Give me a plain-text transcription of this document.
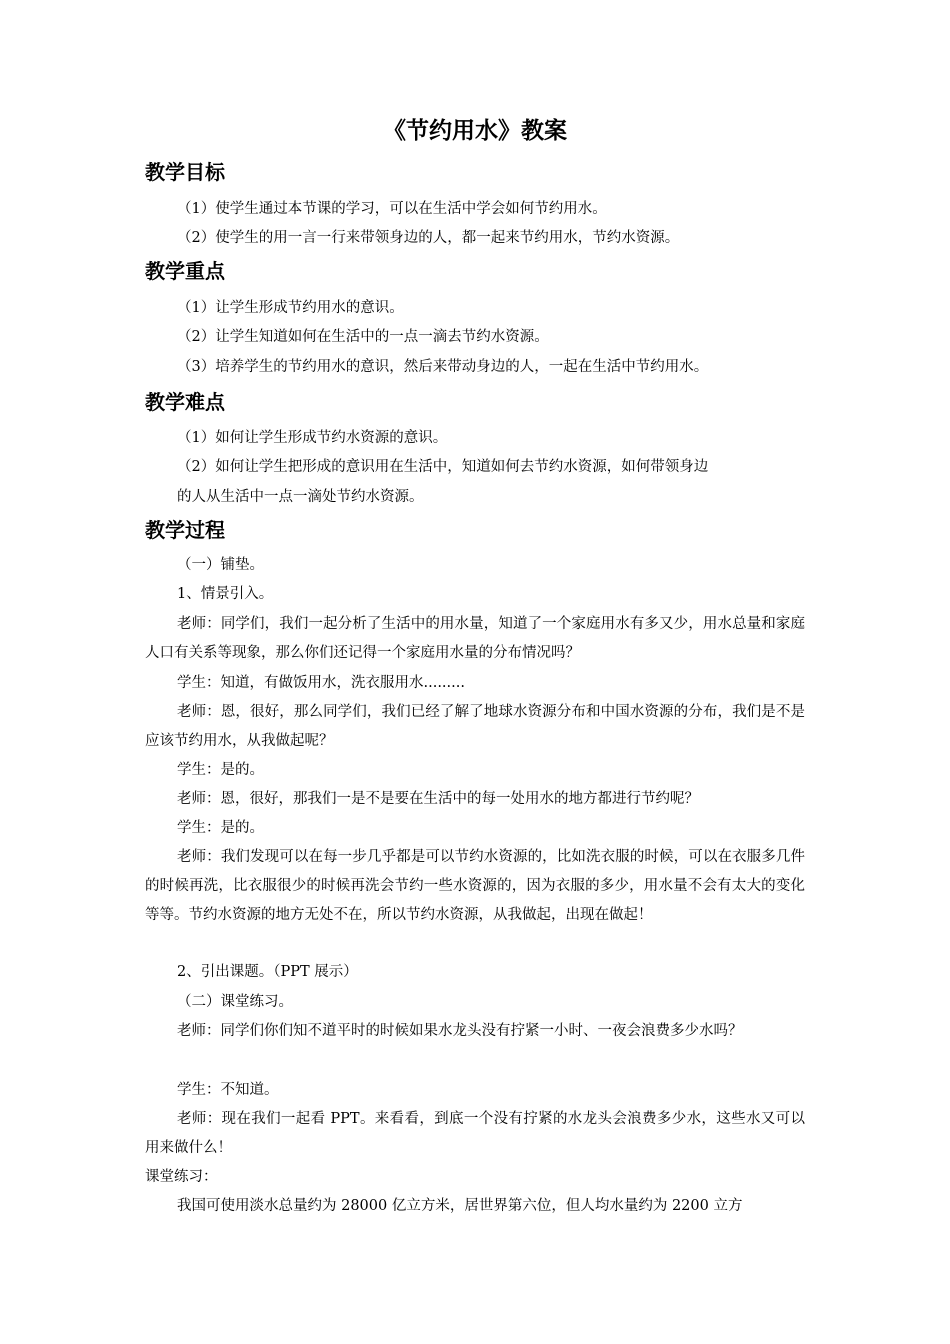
《节约用水》教案
教学目标
（1）使学生通过本节课的学习，可以在生活中学会如何节约用水。
（2）使学生的用一言一行来带领身边的人，都一起来节约用水，节约水资源。
教学重点
（1）让学生形成节约用水的意识。
（2）让学生知道如何在生活中的一点一滴去节约水资源。
（3）培养学生的节约用水的意识，然后来带动身边的人，一起在生活中节约用水。
教学难点
（1）如何让学生形成节约水资源的意识。
（2）如何让学生把形成的意识用在生活中，知道如何去节约水资源，如何带领身边
的人从生活中一点一滴处节约水资源。
教学过程
（一）铺垫。
1、情景引入。
老师：同学们，我们一起分析了生活中的用水量，知道了一个家庭用水有多又少，用水总量和家庭人口有关系等现象，那么你们还记得一个家庭用水量的分布情况吗？
学生：知道，有做饭用水，洗衣服用水.........
老师：恩，很好，那么同学们，我们已经了解了地球水资源分布和中国水资源的分布，我们是不是应该节约用水，从我做起呢？
学生：是的。
老师：恩，很好，那我们一是不是要在生活中的每一处用水的地方都进行节约呢？
学生：是的。
老师：我们发现可以在每一步几乎都是可以节约水资源的，比如洗衣服的时候，可以在衣服多几件的时候再洗，比衣服很少的时候再洗会节约一些水资源的，因为衣服的多少，用水量不会有太大的变化等等。节约水资源的地方无处不在，所以节约水资源，从我做起，出现在做起！
2、引出课题。（PPT 展示）
（二）课堂练习。
老师：同学们你们知不道平时的时候如果水龙头没有拧紧一小时、一夜会浪费多少水吗？
学生：不知道。
老师：现在我们一起看 PPT。来看看，到底一个没有拧紧的水龙头会浪费多少水，这些水又可以用来做什么！
课堂练习：
我国可使用淡水总量约为 28000 亿立方米，居世界第六位，但人均水量约为 2200 立方
